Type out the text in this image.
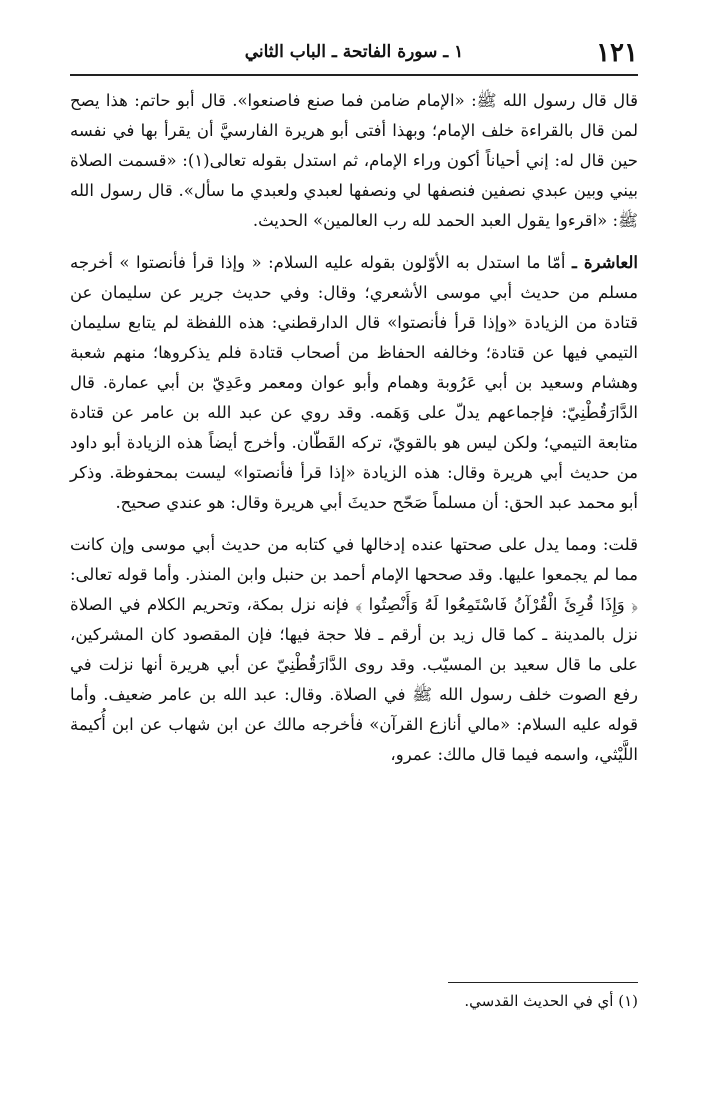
١٢١
١ ـ سورة الفاتحة ـ الباب الثاني

قال قال رسول الله ﷺ: «الإمام ضامن فما صنع فاصنعوا». قال أبو حاتم: هذا يصح لمن قال بالقراءة خلف الإمام؛ وبهذا أفتى أبو هريرة الفارسيَّ أن يقرأ بها في نفسه حين قال له: إني أحياناً أكون وراء الإمام، ثم استدل بقوله تعالى(١): «قسمت الصلاة بيني وبين عبدي نصفين فنصفها لي ونصفها لعبدي ولعبدي ما سأل». قال رسول الله ﷺ: «اقرءوا يقول العبد الحمد لله رب العالمين» الحديث.

العاشرة ـ أمّا ما استدل به الأوّلون بقوله عليه السلام: « وإذا قرأ فأنصتوا » أخرجه مسلم من حديث أبي موسى الأشعري؛ وقال: وفي حديث جرير عن سليمان عن قتادة من الزيادة «وإذا قرأ فأنصتوا» قال الدارقطني: هذه اللفظة لم يتابع سليمان التيمي فيها عن قتادة؛ وخالفه الحفاظ من أصحاب قتادة فلم يذكروها؛ منهم شعبة وهشام وسعيد بن أبي عَرُوبة وهمام وأبو عوان ومعمر وعَدِيّ بن أبي عمارة. قال الدَّارَقُطْنِيّ: فإجماعهم يدلّ على وَهَمه. وقد روي عن عبد الله بن عامر عن قتادة متابعة التيمي؛ ولكن ليس هو بالقويّ، تركه القَطّان. وأخرج أيضاً هذه الزيادة أبو داود من حديث أبي هريرة وقال: هذه الزيادة «إذا قرأ فأنصتوا» ليست بمحفوظة. وذكر أبو محمد عبد الحق: أن مسلماً صَحّح حديثَ أبي هريرة وقال: هو عندي صحيح.

قلت: ومما يدل على صحتها عنده إدخالها في كتابه من حديث أبي موسى وإن كانت مما لم يجمعوا عليها. وقد صححها الإمام أحمد بن حنبل وابن المنذر. وأما قوله تعالى: ﴿ وَإِذَا قُرِئَ الْقُرْآنُ فَاسْتَمِعُوا لَهُ وَأَنْصِتُوا ﴾ فإنه نزل بمكة، وتحريم الكلام في الصلاة نزل بالمدينة ـ كما قال زيد بن أرقم ـ فلا حجة فيها؛ فإن المقصود كان المشركين، على ما قال سعيد بن المسيّب. وقد روى الدَّارَقُطْنِيّ عن أبي هريرة أنها نزلت في رفع الصوت خلف رسول الله ﷺ في الصلاة. وقال: عبد الله بن عامر ضعيف. وأما قوله عليه السلام: «مالي أنازع القرآن» فأخرجه مالك عن ابن شهاب عن ابن أُكيمة اللَّيْثي، واسمه فيما قال مالك: عمرو،

(١) أي في الحديث القدسي.
